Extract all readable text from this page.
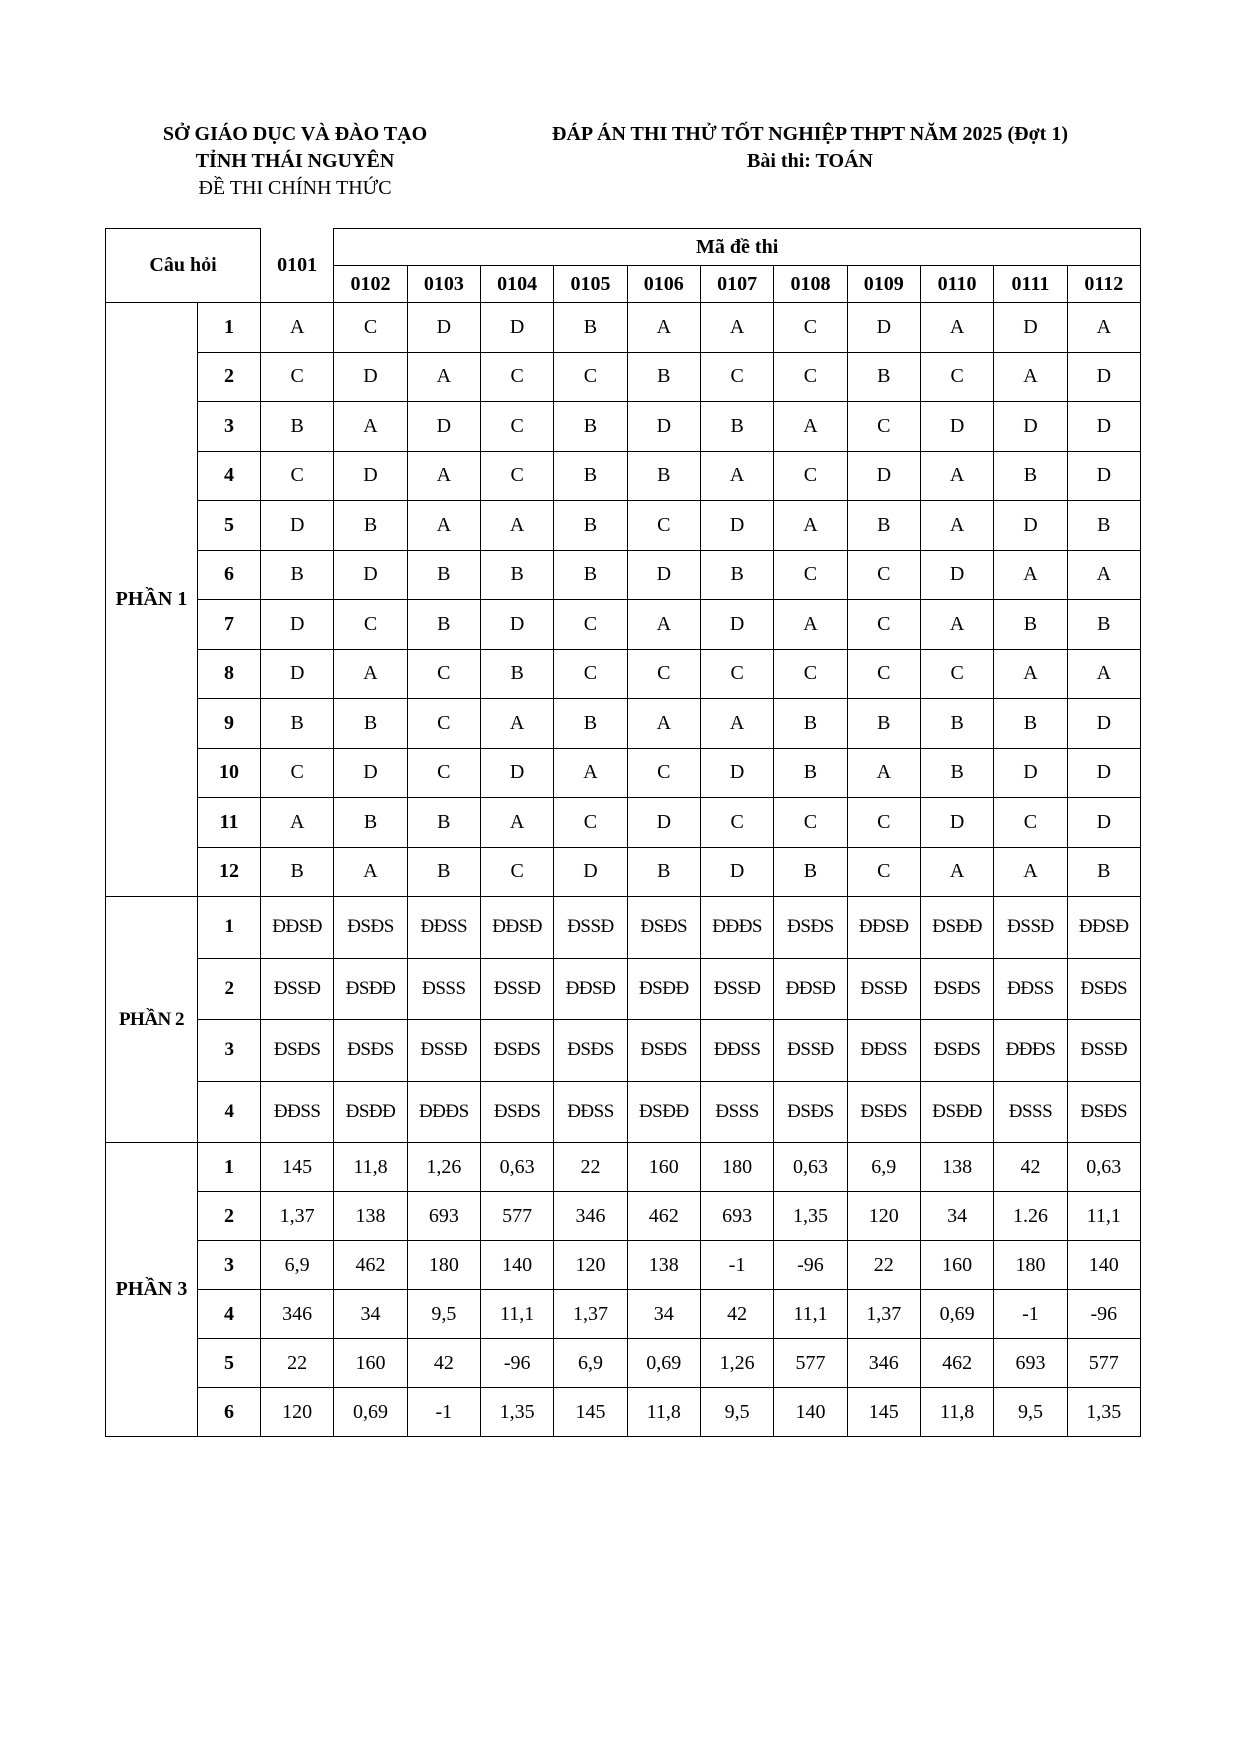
SỞ GIÁO DỤC VÀ ĐÀO TẠO
TỈNH THÁI NGUYÊN
ĐỀ THI CHÍNH THỨC
ĐÁP ÁN THI THỬ TỐT NGHIỆP THPT NĂM 2025 (Đợt 1)
Bài thi: TOÁN
Câu hỏi		0101	Mã đề thi										
			0102	0103	0104	0105	0106	0107	0108	0109	0110	0111	0112
PHẦN 1	1	A	C	D	D	B	A	A	C	D	A	D	A
	2	C	D	A	C	C	B	C	C	B	C	A	D
	3	B	A	D	C	B	D	B	A	C	D	D	D
	4	C	D	A	C	B	B	A	C	D	A	B	D
	5	D	B	A	A	B	C	D	A	B	A	D	B
	6	B	D	B	B	B	D	B	C	C	D	A	A
	7	D	C	B	D	C	A	D	A	C	A	B	B
	8	D	A	C	B	C	C	C	C	C	C	A	A
	9	B	B	C	A	B	A	A	B	B	B	B	D
	10	C	D	C	D	A	C	D	B	A	B	D	D
	11	A	B	B	A	C	D	C	C	C	D	C	D
	12	B	A	B	C	D	B	D	B	C	A	A	B
PHẦN 2	1	ĐĐSĐ	ĐSĐS	ĐĐSS	ĐĐSĐ	ĐSSĐ	ĐSĐS	ĐĐĐS	ĐSĐS	ĐĐSĐ	ĐSĐĐ	ĐSSĐ	ĐĐSĐ
	2	ĐSSĐ	ĐSĐĐ	ĐSSS	ĐSSĐ	ĐĐSĐ	ĐSĐĐ	ĐSSĐ	ĐĐSĐ	ĐSSĐ	ĐSĐS	ĐĐSS	ĐSĐS
	3	ĐSĐS	ĐSĐS	ĐSSĐ	ĐSĐS	ĐSĐS	ĐSĐS	ĐĐSS	ĐSSĐ	ĐĐSS	ĐSĐS	ĐĐĐS	ĐSSĐ
	4	ĐĐSS	ĐSĐĐ	ĐĐĐS	ĐSĐS	ĐĐSS	ĐSĐĐ	ĐSSS	ĐSĐS	ĐSĐS	ĐSĐĐ	ĐSSS	ĐSĐS
PHẦN 3	1	145	11,8	1,26	0,63	22	160	180	0,63	6,9	138	42	0,63
	2	1,37	138	693	577	346	462	693	1,35	120	34	1.26	11,1
	3	6,9	462	180	140	120	138	-1	-96	22	160	180	140
	4	346	34	9,5	11,1	1,37	34	42	11,1	1,37	0,69	-1	-96
	5	22	160	42	-96	6,9	0,69	1,26	577	346	462	693	577
	6	120	0,69	-1	1,35	145	11,8	9,5	140	145	11,8	9,5	1,35
